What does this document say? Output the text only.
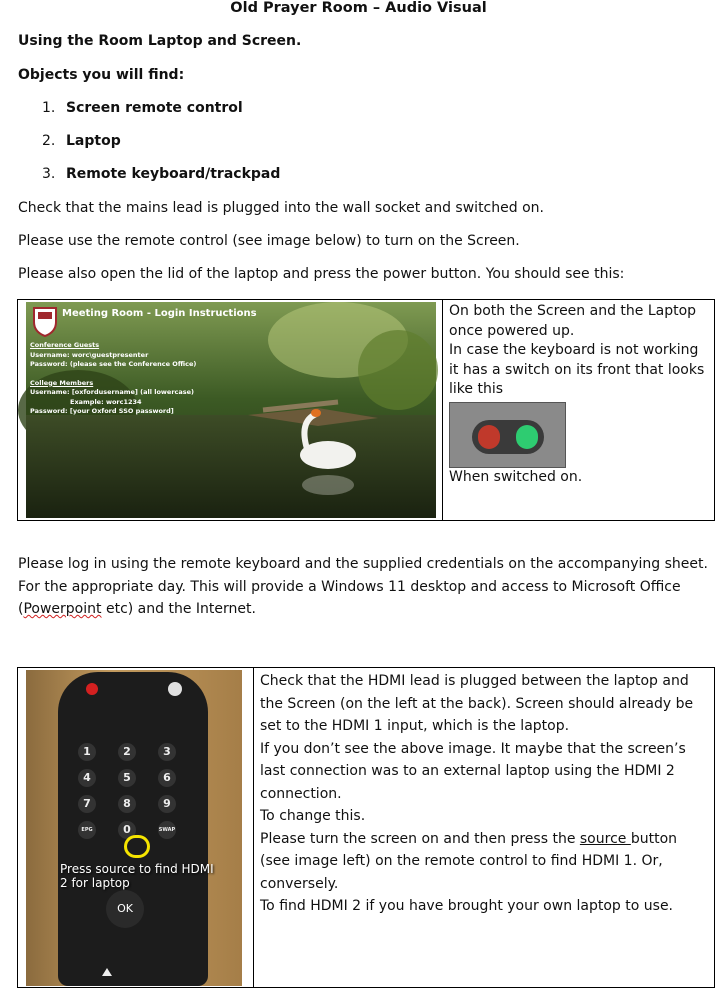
Old Prayer Room – Audio Visual
Using the Room Laptop and Screen.
Objects you will find:
1. Screen remote control
2. Laptop
3. Remote keyboard/trackpad
Check that the mains lead is plugged into the wall socket and switched on.
Please use the remote control (see image below) to turn on the Screen.
Please also open the lid of the laptop and press the power button. You should see this:

On both the Screen and the Laptop once powered up.
In case the keyboard is not working it has a switch on its front that looks like this
When switched on.
Meeting Room - Login Instructions
Conference Guests
Username: worc\guestpresenter
Password: (please see the Conference Office)
College Members
Username: [oxfordusername] (all lowercase)
Example: worc1234
Password: [your Oxford SSO password]
Please log in using the remote keyboard and the supplied credentials on the accompanying sheet.
For the appropriate day. This will provide a Windows 11 desktop and access to Microsoft Office
(Powerpoint etc) and the Internet.
1	2	3
4	5	6
7	8	9
EPG	0	SWAP
Press source to find HDMI 2 for laptop
OK

Check that the HDMI lead is plugged between the laptop and the Screen (on the left at the back). Screen should already be set to the HDMI 1 input, which is the laptop.
If you don’t see the above image. It maybe that the screen’s last connection was to an external laptop using the HDMI 2 connection.
To change this.
Please turn the screen on and then press the source button (see image left) on the remote control to find HDMI 1. Or, conversely.
To find HDMI 2 if you have brought your own laptop to use.
